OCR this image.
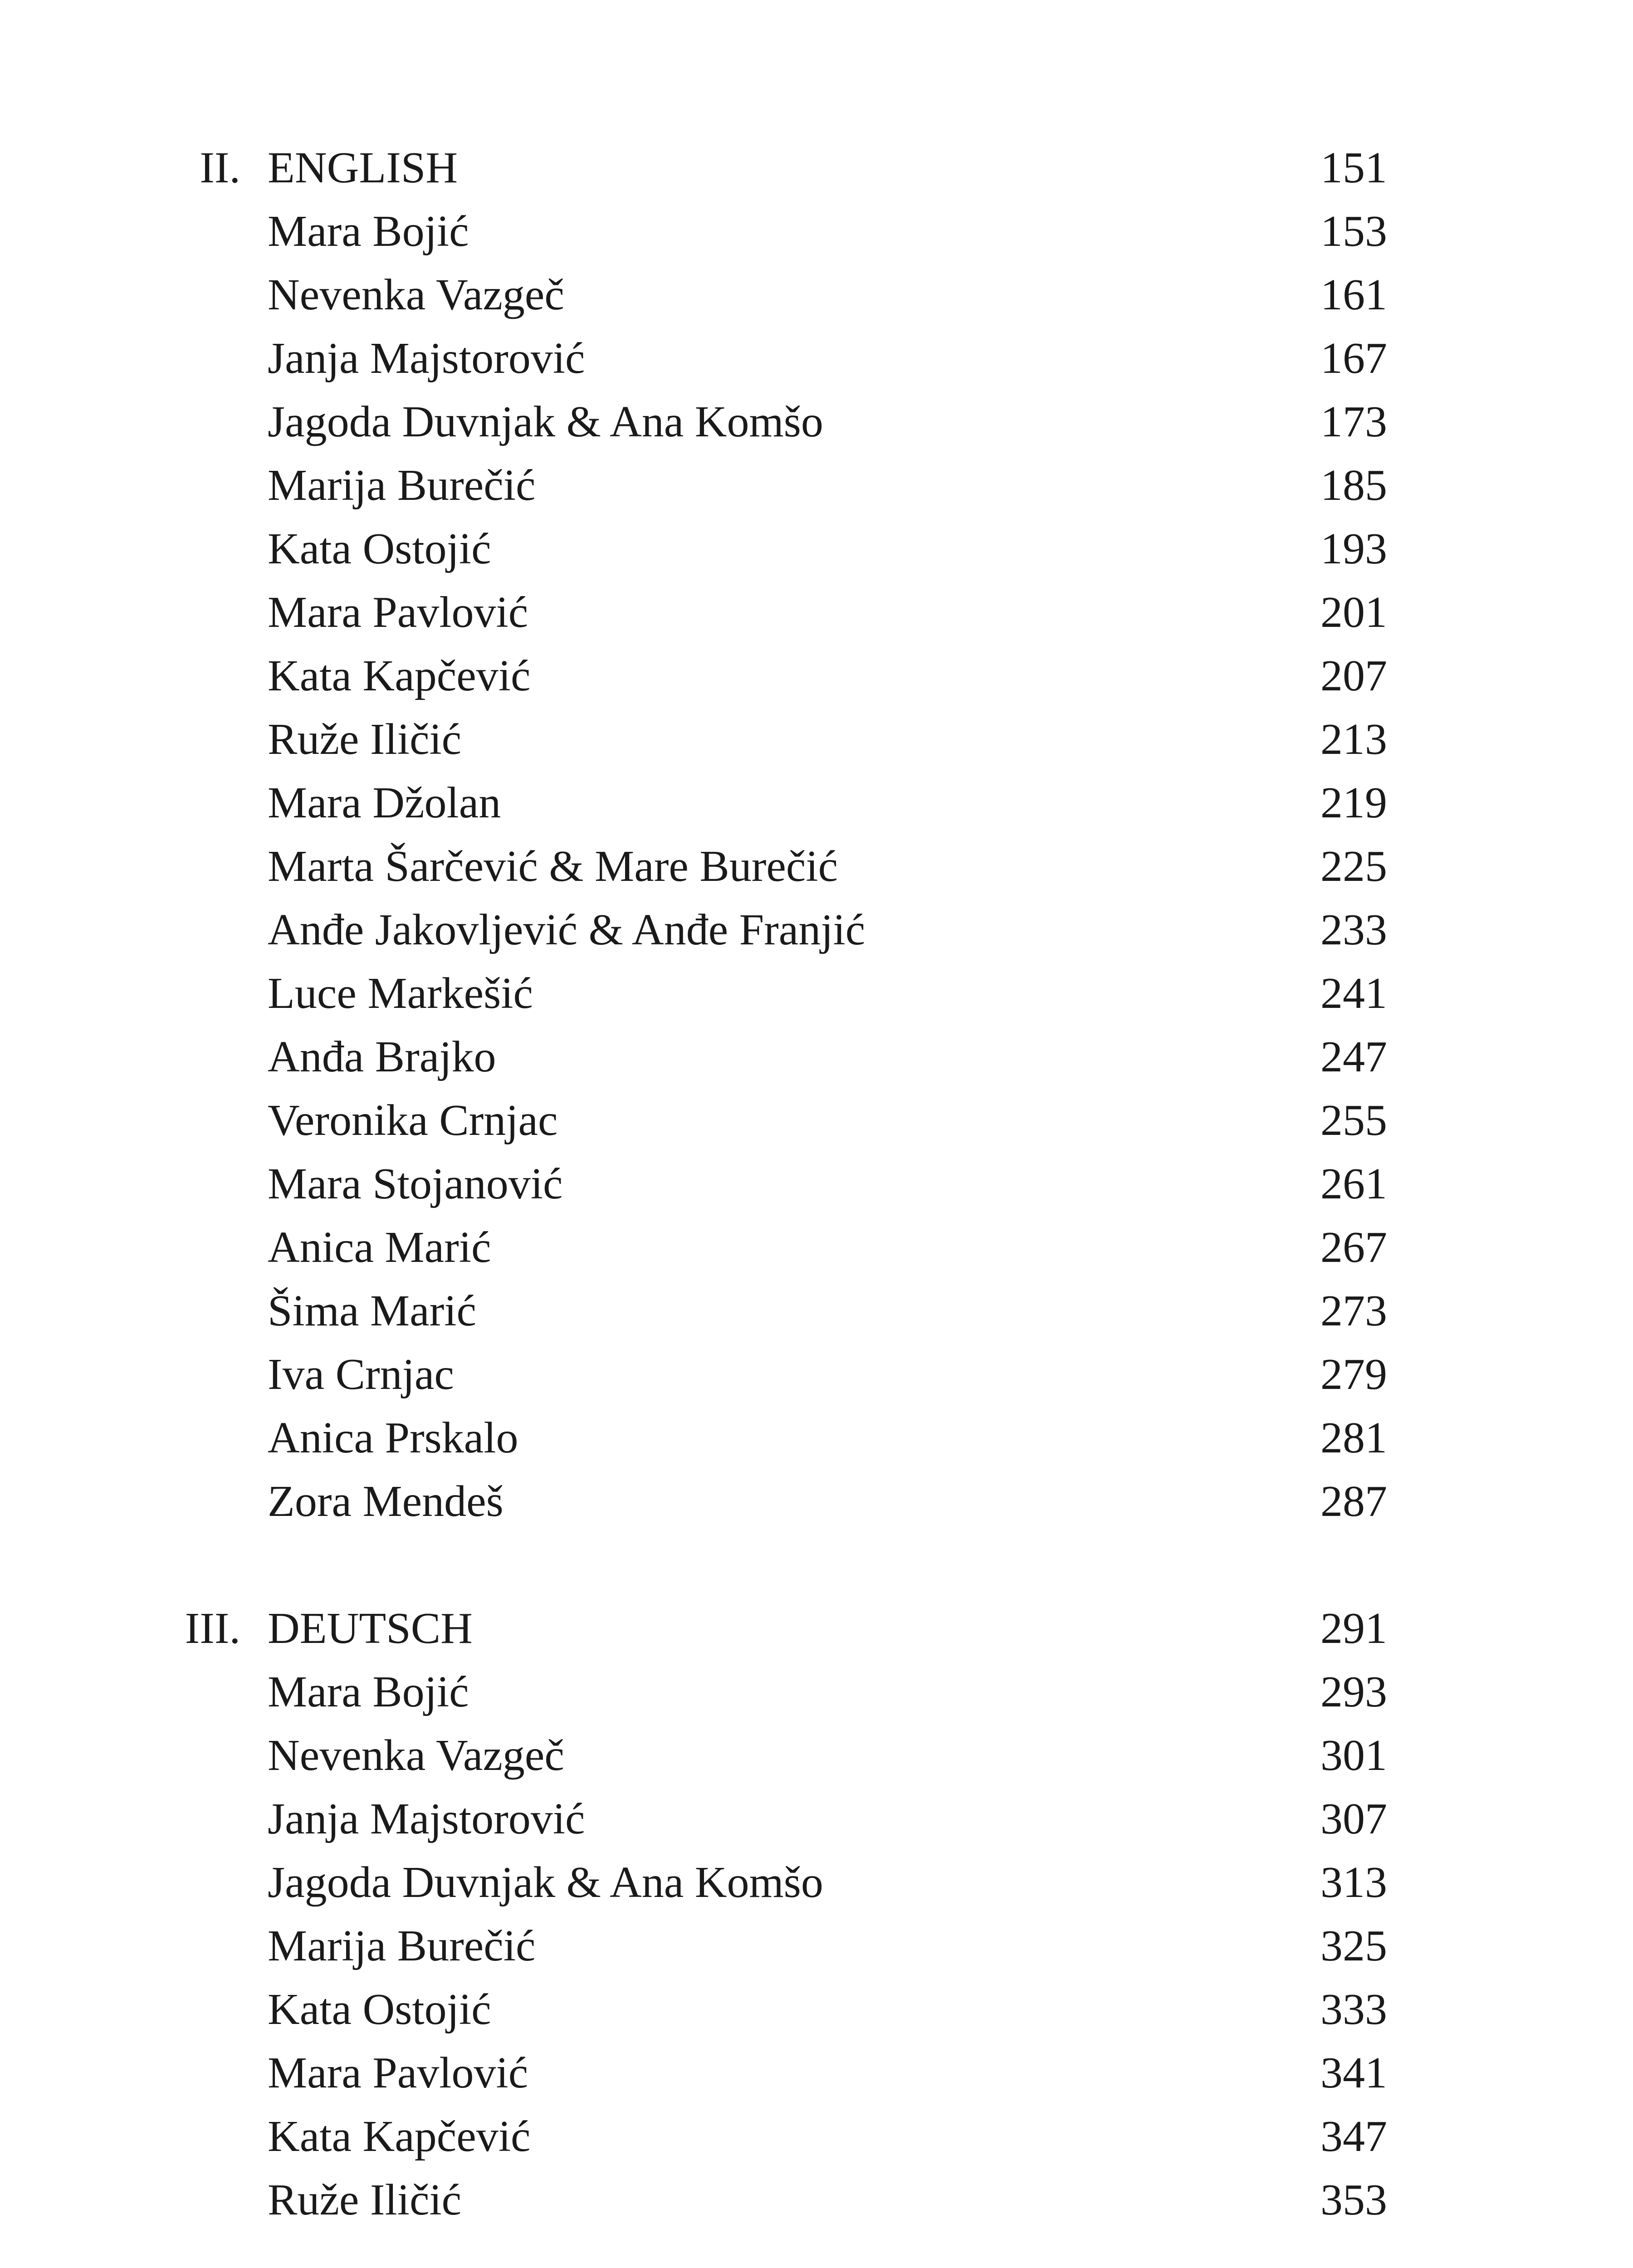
II. ENGLISH	151
Mara Bojić	153
Nevenka Vazgeč	161
Janja Majstorović	167
Jagoda Duvnjak & Ana Komšo	173
Marija Burečić	185
Kata Ostojić	193
Mara Pavlović	201
Kata Kapčević	207
Ruže Iličić	213
Mara Džolan	219
Marta Šarčević & Mare Burečić	225
Anđe Jakovljević & Anđe Franjić	233
Luce Markešić	241
Anđa Brajko	247
Veronika Crnjac	255
Mara Stojanović	261
Anica Marić	267
Šima Marić	273
Iva Crnjac	279
Anica Prskalo	281
Zora Mendeš	287
III. DEUTSCH	291
Mara Bojić	293
Nevenka Vazgeč	301
Janja Majstorović	307
Jagoda Duvnjak & Ana Komšo	313
Marija Burečić	325
Kata Ostojić	333
Mara Pavlović	341
Kata Kapčević	347
Ruže Iličić	353
